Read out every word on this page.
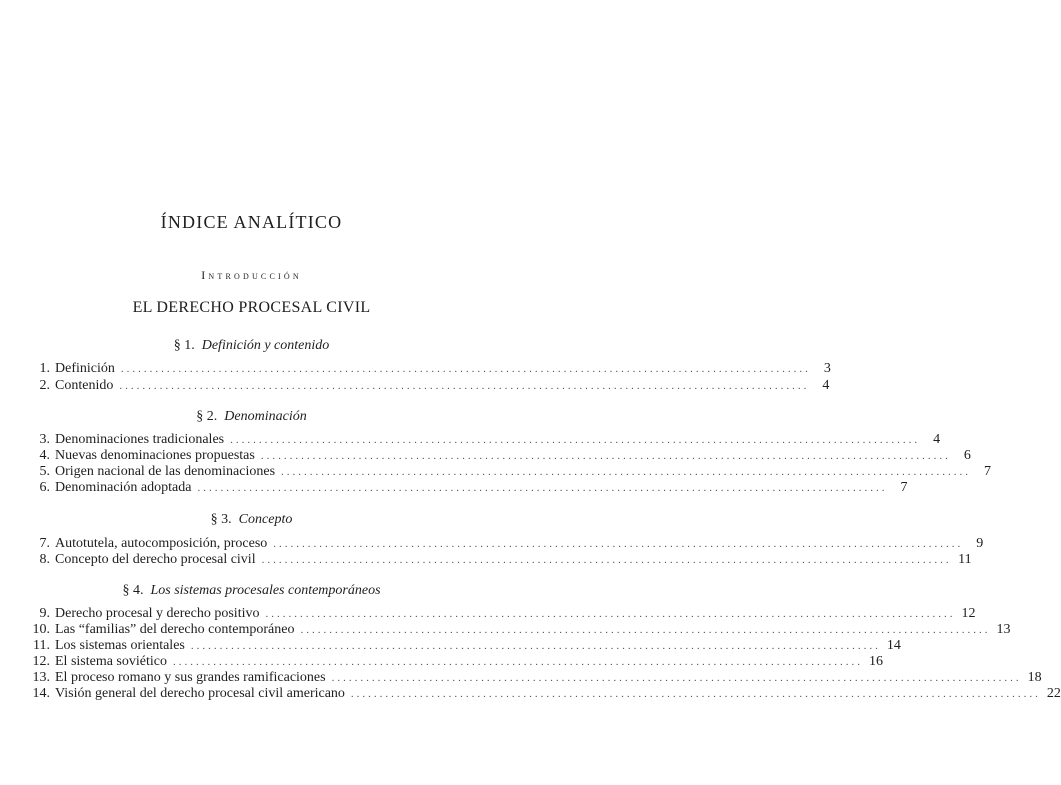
ÍNDICE ANALÍTICO
Introducción
EL DERECHO PROCESAL CIVIL
§ 1. Definición y contenido
1. Definición ........................................................................................................................ 3
2. Contenido ........................................................................................................................ 4
§ 2. Denominación
3. Denominaciones tradicionales ........................................................................................................................ 4
4. Nuevas denominaciones propuestas ........................................................................................................................ 6
5. Origen nacional de las denominaciones ........................................................................................................................ 7
6. Denominación adoptada ........................................................................................................................ 7
§ 3. Concepto
7. Autotutela, autocomposición, proceso ........................................................................................................................ 9
8. Concepto del derecho procesal civil ........................................................................................................................ 11
§ 4. Los sistemas procesales contemporáneos
9. Derecho procesal y derecho positivo ........................................................................................................................ 12
10. Las “familias” del derecho contemporáneo ........................................................................................................................ 13
11. Los sistemas orientales ........................................................................................................................ 14
12. El sistema soviético ........................................................................................................................ 16
13. El proceso romano y sus grandes ramificaciones ........................................................................................................................ 18
14. Visión general del derecho procesal civil americano ........................................................................................................................ 22
